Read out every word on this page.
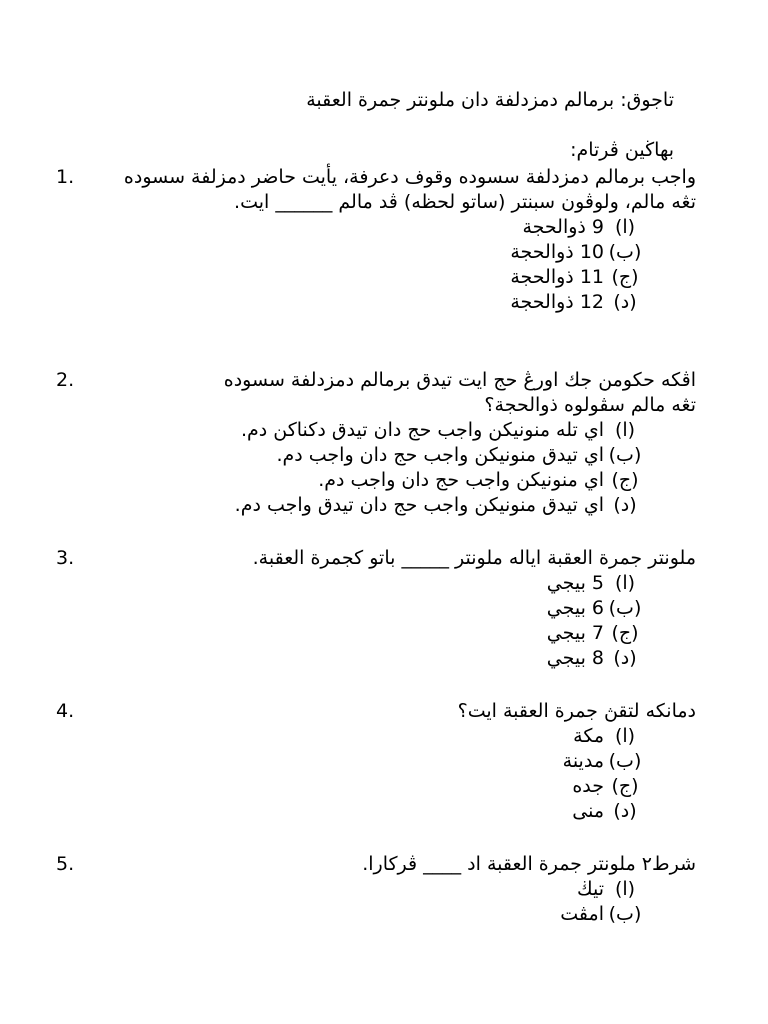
تاجوق: برمالم دمزدلفة دان ملونتر جمرة العقبة
بهاڬين ڤرتام:
واجب برمالم دمزدلفة سسوده وقوف دعرفة، يأيت حاضر دمزلفة سسوده تڠه مالم، ولوڤون سبنتر (ساتو لحظه) ڤد مالم ______ ايت.
1.
(ا)
9 ذوالحجة
(ب)
10 ذوالحجة
(ج)
11 ذوالحجة
(د)
12 ذوالحجة
اڤکه حکومن جك اورڠ حج ايت تيدق برمالم دمزدلفة سسوده تڠه مالم سڤولوه ذوالحجة؟
2.
(ا)
اي تله منونيکن واجب حج دان تيدق دکناکن دم.
(ب)
اي تيدق منونيکن واجب حج دان واجب دم.
(ج)
اي منونيکن واجب حج دان واجب دم.
(د)
اي تيدق منونيکن واجب حج دان تيدق واجب دم.
ملونتر جمرة العقبة اياله ملونتر _____ باتو کجمرة العقبة.
3.
(ا)
5 بيجي
(ب)
6 بيجي
(ج)
7 بيجي
(د)
8 بيجي
دمانکه لتقڽ جمرة العقبة ايت؟
4.
(ا)
مکة
(ب)
مدينة
(ج)
جده
(د)
منى
شرط٢ ملونتر جمرة العقبة اد ____ ڤرکارا.
5.
(ا)
تيڬ
(ب)
امڤت
